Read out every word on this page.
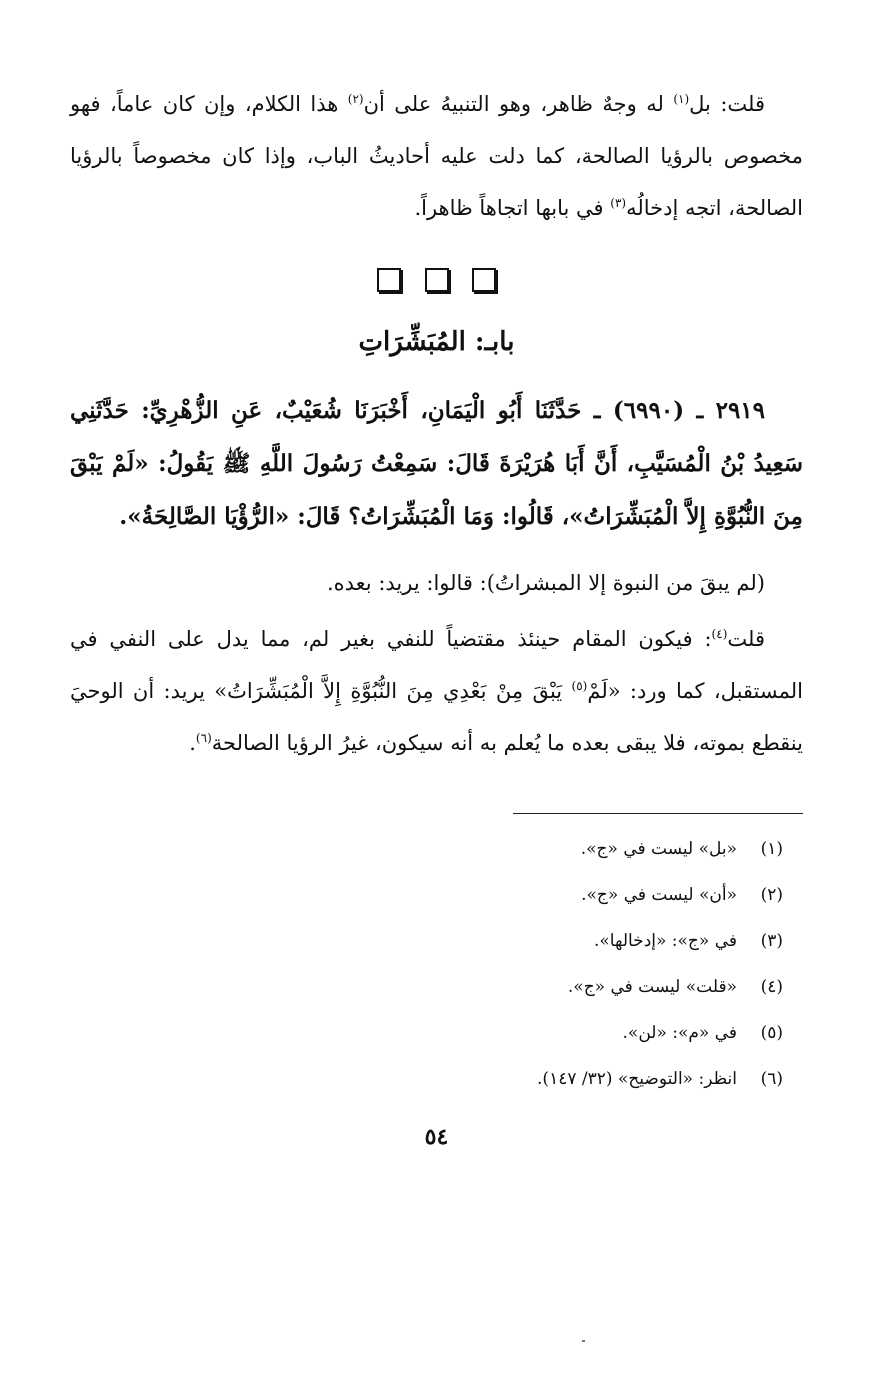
قلت: بل$^{(١)}$ له وجهٌ ظاهر، وهو التنبيهُ على أن$^{(٢)}$ هذا الكلام، وإن كان عاماً، فهو مخصوص بالرؤيا الصالحة، كما دلت عليه أحاديثُ الباب، وإذا كان مخصوصاً بالرؤيا الصالحة، اتجه إدخالُه$^{(٣)}$ في بابها اتجاهاً ظاهراً.

بابـ: المُبَشِّرَاتِ

٢٩١٩ ـ (٦٩٩٠) ـ حَدَّثَنَا أَبُو الْيَمَانِ، أَخْبَرَنَا شُعَيْبٌ، عَنِ الزُّهْرِيِّ: حَدَّثَنِي سَعِيدُ بْنُ الْمُسَيَّبِ، أَنَّ أَبَا هُرَيْرَةَ قَالَ: سَمِعْتُ رَسُولَ اللَّهِ ﷺ يَقُولُ: «لَمْ يَبْقَ مِنَ النُّبُوَّةِ إِلاَّ الْمُبَشِّرَاتُ»، قَالُوا: وَمَا الْمُبَشِّرَاتُ؟ قَالَ: «الرُّؤْيَا الصَّالِحَةُ».

(لم يبقَ من النبوة إلا المبشراتُ): قالوا: يريد: بعده.

قلت$^{(٤)}$: فيكون المقام حينئذ مقتضياً للنفي بغير لم، مما يدل على النفي في المستقبل، كما ورد: «لَمْ$^{(٥)}$ يَبْقَ مِنْ بَعْدِي مِنَ النُّبُوَّةِ إِلاَّ الْمُبَشِّرَاتُ» يريد: أن الوحيَ ينقطع بموته، فلا يبقى بعده ما يُعلم به أنه سيكون، غيرُ الرؤيا الصالحة$^{(٦)}$.

(١)«بل» ليست في «ج».
(٢)«أن» ليست في «ج».
(٣)في «ج»: «إدخالها».
(٤)«قلت» ليست في «ج».
(٥)في «م»: «لن».
(٦)انظر: «التوضيح» (٣٢/ ١٤٧).
٥٤
